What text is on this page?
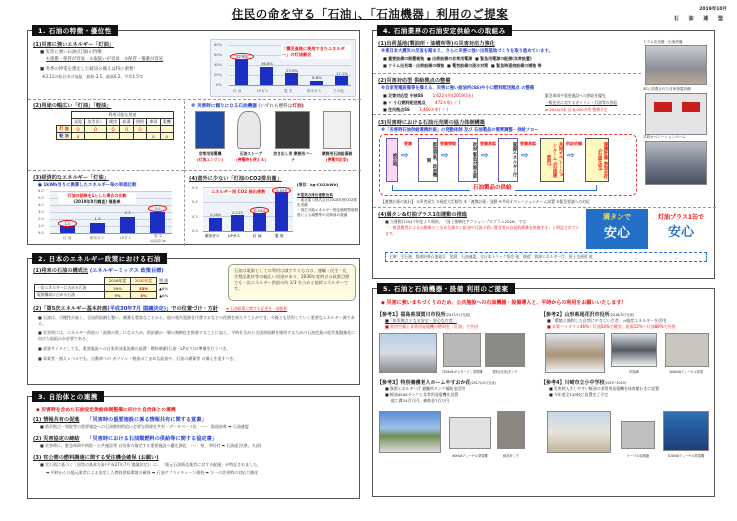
住民の命を守る「石油」、「石油機器」利用のご提案	2019年10月
石 油 連 盟
1. 石油の特徴・優位性
(1)災害に強いエネルギー「灯油」
■ 災害に強い石油(灯油)の特徴：
①運搬・保管が容易　②取扱いが容易　③保管・備蓄が容易
■ 冬季の停電を想定した暖房の備えは特に重要！
※3.11の仙台市の気温：最低-3.5、最高6.2、平均1.5℃
52.8%
36.8%
23.5%
8.6%
17.1%
80%
60%
40%
20%
0%
灯 油	LPガス	電 気	都市ガス	その他
「震災直後に使用できたエネルギー」の灯油割合
(2)用途の幅広い「灯油」「軽油」
	利用可能な用途						
	発電	炊き出し	暖房	給湯	照明	車両	重機
灯 油	O	O	O	O	O		
軽 油	o					o	o
※ 災害時に頼りになる石油機器 (いずれも燃料は灯油)
非常用発電機
(灯油エンジン)
石油ストーブ
(停電時も使える)
炊き出し用 業務用バーナ
業務用石油給湯器
(停電対応型)
(3)経済的なエネルギー「灯油」
● 1kWh当りに換算したエネルギー毎の単価比較
1.0
1.5
2.3
3.0
灯油の価格を1とした場合の比較
(2019年8月調査) 福島県
6.0
5.0
4.0
3.0
2.0
1.0
0.0
灯 油	都市ガス	LPガス	電 気
(従量電灯B)
(4)意外に少ない「灯油のCO2排出量」
[単位：kg-CO2/kWh]
0.180	0.215	0.244
0.529
エネルギー別 CO2 排出係数
0.6
0.4
0.2
0.0
都市ガス LPガス	灯 油	電 気
※電気の排出係数出典
・東北電力株式会社2018年度CO2排出実績
・再生可能エネルギー固定価格買取制度による調整等の反映前の数値
2. 日本のエネルギー政策における石油
(1)将来の石油の構成比 (エネルギーミックス 政策目標)
	2016年度	2030年度	増 減
一次エネルギーに占める石油	39%	33%	▲6%
電源構成に占める石油	9%	3%	▲6%
石油は電源としての利用は減少するものの、運輸・民生・化学製品素材等の幅広い用途があり、2030年度時点の政策目標でも一次エネルギー供給の約 1/3 を占める基幹エネルギーです。
(2)「第5次エネルギー基本計画(平成30年7月 閣議決定)」での位置づけ・方針 ※ 石油政策に関する記述を一部抜粋
■ 石油は、可搬性が高く、全国供給網も整い、備蓄も豊富なことから、他の喪失電源を代替するなどの役割を果たすことができ、今後とも活用していく重要なエネルギー源である。
■ 災害時には、エネルギー供給の「最後の砦」になるため、供給網の一層の強靭化を推進することに加え、平時を含めた全国供給網を維持するための石油産業の経営基盤強化に向けた取組みが必要である。
■ 需要サイドとしても、重要施設への自家用発電設備の設置・燃料備蓄(石油・LPガス)の準備を行うべき。
■ 事業者・個人レベルでも、自動車への ガソリン・軽油のこまめな給油や、灯油の備蓄等 の備えを促すべき。
3. 自治体との連携
◆ 災害時を含めた石油安定供給体制整備に向けた自治体との連携
(1) 情報共有の促進 「災害時の重要施設に係る情報共有に関する覚書」
■ 防災拠点・病院等の重要施設への石油燃料供給に必要な情報を共有・データベース化　･･･　都道府県 ➡ 石油連盟
(2) 災害協定の締結 「災害時における石油類燃料の供給等に関する協定書」
■ 災害時に、緊急車両や病院・公共施設等 自治体の指定する重要施設へ優先供給　･･･　県、市町村 ➡ 石油組合(県、支部)
(3) 官公需の燃料調達に関する受注機会確保 (お願い)
■ 官公需に基づく「国等の基本方針(平成27年7月 閣議決定)」に、「地元石油販売業者に対する配慮」が特記されました。
➡ 平時からの地元業者による安定した燃料供給環境の確保 ➡ 石油サプライチェーン維持 ➡ 万一の災害時の対応力強化
4. 石油業界の石油安定供給への取組み
(1)出荷基地(製油所・油槽所等)の災害対応力強化
※東日本大震災の反省を踏まえ、さらに災害に強い出荷基地づくりを取り進めています。
■ 重要設備の耐震補強 ■ 出荷設備の非常用電源 ■ 緊急用電源の配備(非常設置)
■ ドラム缶充填・出荷設備の増強 ■ 電気設備の浸水対策 ■ 緊急時通信設備の増強 等
ドラム缶充填・出荷設備
(2)災害対応型 供給拠点の整備
※自家発電設備等を備える、災害に強い給油所(SS)や小口燃料配送拠点 の整備
■ 災害対応型 中核SS 1,622カ所(2019/3末)
■ 〃 小口燃料配送拠点 472カ所( 〃 )
■ 住民拠点SS 3,460カ所( 〃 )
緊急車両や重要施設への供給を優先
一般住民に対するガソリン・灯油等の供給
➡ 2020/3末 計 8,000カ所 整備予定
SSに設置された自家発電設備
(3)災害時における石油元売間の協力体制構築
※「災害時石油供給連携計画」の発動体制 及び 石油製品の需要調整・供給フロー
被災地
要請
⇨	都道府県、政府機関
要請情報
⇨	政府 緊急対策本部 要請承認
⇨	資源エネルギー庁 要請承認
⇨	共同オペレーションルーム (石油連盟内)
供給依頼
⇨	連携計画 参加会社 (石油元売)
石油製品の供給
【連携計画の流れ】 ①災害発生 ②経産大臣勧告 ③「連携計画」発動 ④共同オペレーションルーム設置 ⑤緊急要請への対応
共同オペレーションルーム
(4)満タン&灯油プラス1缶運動の推進
■ 当運動は2017年度より開始、「国土強靭化アクションプログラム2018」では
「一般消費者による自動車のこまめな満タン給油や灯油の買い置き等の自発的備蓄を推進する」と明記されています。
満タンで
安心
灯油プラス1缶で
安心
主催：全石連、都道府県石油組合　協賛：石油連盟、全日本トラック協会 他　後援：資源エネルギー庁、国土交通省 他
5. 石油と石油機器・設備 利用のご提案
◆ 災害に強いまちづくりのため、公共施設への石油機器・設備導入と、平時からの利用をお願いいたします！
【参考1】福島県須賀川市役所(2017/1月完成)
■「防災拠点となる安全・安心な庁舎」
■ 常用空調と非常用発電機の燃料を「灯油」で共用
750kVAガスタービン発電機	燃料(灯油)タンク
【参考2】山形県尾花沢市役所(2018/5月完成)
■「環境と調和した自然にやさしい庁舎」⇒地産エネルギーを活用
■ 木質バイオマス46%＋灯油54%で暖房、貯湯12%＋灯油88%で冷房
貯湯庫	300kVAディーゼル発電
【参考3】特別養護老人ホームやすおか荘(2017/12月完成)
■ 資源エネルギー庁 避難所タンク補助金活用
■ 軽油4500タンクと非常用発電機を設置
総工費14百万円、補助金7百万円
60kVAディーゼル発電機	軽油タンク
【参考4】川崎市立小中学校(2015~2019)
■ 災害時入手しやすい軽油の非常用発電機を体育館わきに設置
■ 今年度全120校に設置完了予定
ケーブル収納箱	8.5kVAディーゼル発電機
